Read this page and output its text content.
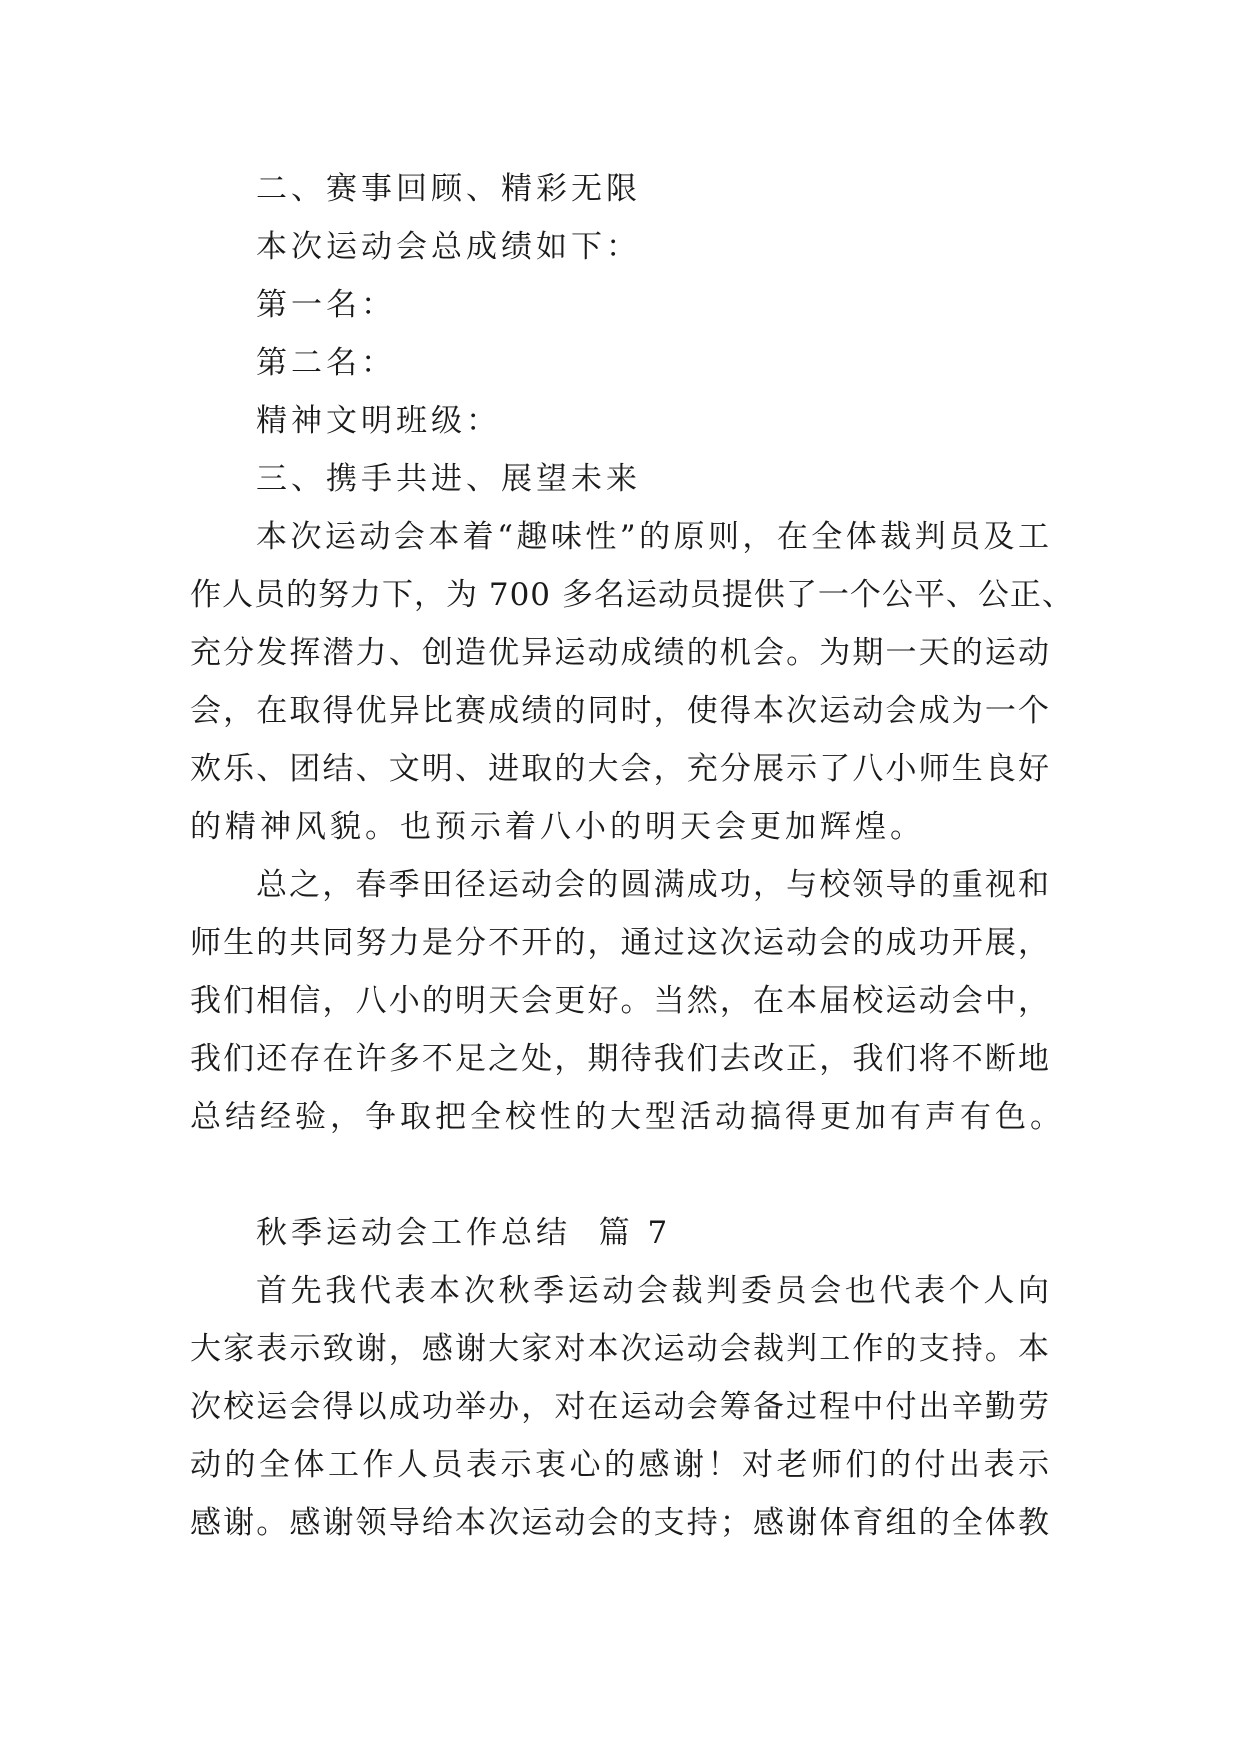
二、赛事回顾、精彩无限

本次运动会总成绩如下：

第一名：

第二名：

精神文明班级：

三、携手共进、展望未来

本次运动会本着“趣味性”的原则，在全体裁判员及工

作人员的努力下，为 700 多名运动员提供了一个公平、公正、

充分发挥潜力、创造优异运动成绩的机会。为期一天的运动

会，在取得优异比赛成绩的同时，使得本次运动会成为一个

欢乐、团结、文明、进取的大会，充分展示了八小师生良好

的精神风貌。也预示着八小的明天会更加辉煌。

总之，春季田径运动会的圆满成功，与校领导的重视和

师生的共同努力是分不开的，通过这次运动会的成功开展，

我们相信，八小的明天会更好。当然，在本届校运动会中，

我们还存在许多不足之处，期待我们去改正，我们将不断地

总结经验，争取把全校性的大型活动搞得更加有声有色。

秋季运动会工作总结  篇 7

首先我代表本次秋季运动会裁判委员会也代表个人向

大家表示致谢，感谢大家对本次运动会裁判工作的支持。本

次校运会得以成功举办，对在运动会筹备过程中付出辛勤劳

动的全体工作人员表示衷心的感谢！对老师们的付出表示

感谢。感谢领导给本次运动会的支持；感谢体育组的全体教
